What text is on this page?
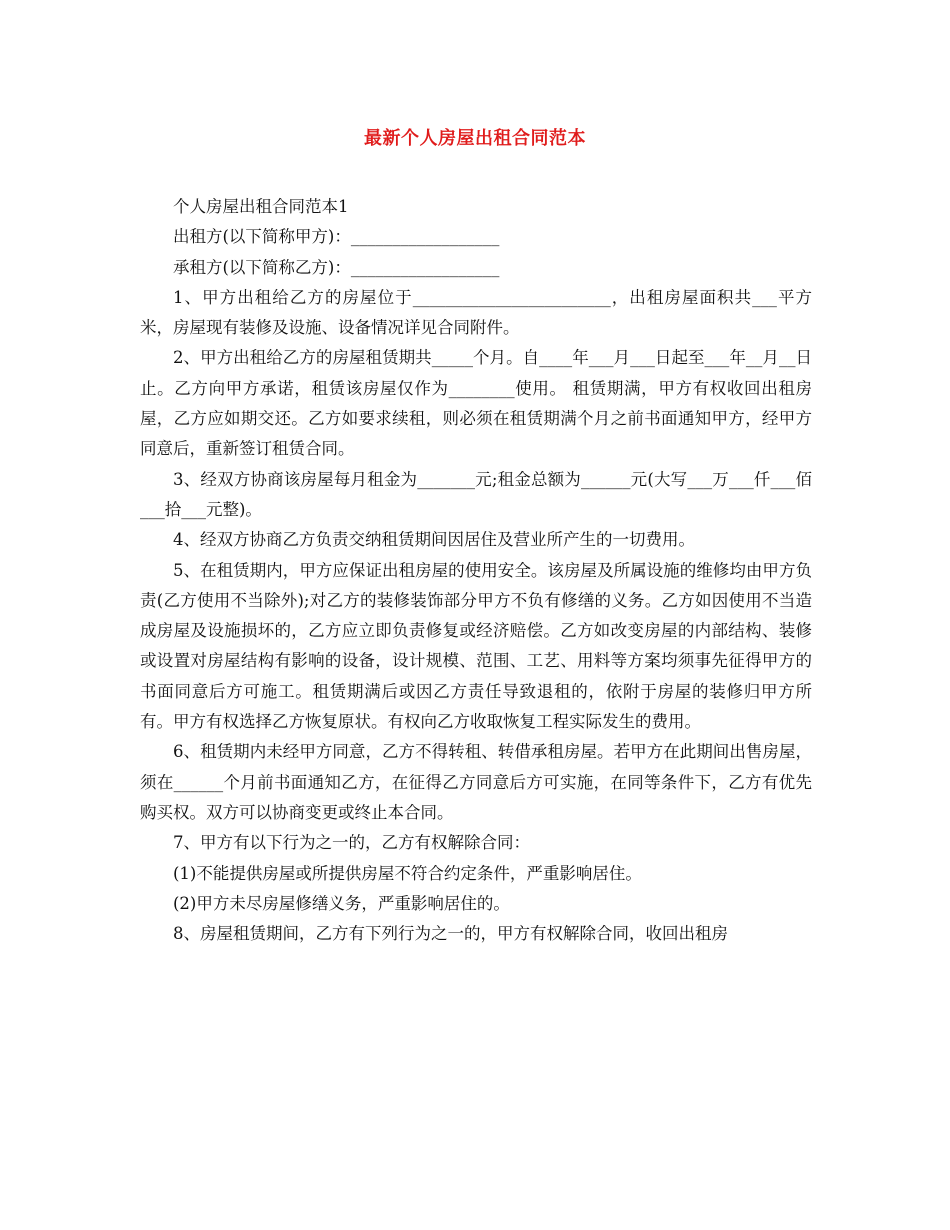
最新个人房屋出租合同范本

个人房屋出租合同范本1

出租方(以下简称甲方)：__________________

承租方(以下简称乙方)：__________________

1、甲方出租给乙方的房屋位于________________________，出租房屋面积共___平方米，房屋现有装修及设施、设备情况详见合同附件。

2、甲方出租给乙方的房屋租赁期共_____个月。自____年___月___日起至___年__月__日止。乙方向甲方承诺，租赁该房屋仅作为________使用。 租赁期满，甲方有权收回出租房屋，乙方应如期交还。乙方如要求续租，则必须在租赁期满个月之前书面通知甲方，经甲方同意后，重新签订租赁合同。

3、经双方协商该房屋每月租金为_______元;租金总额为______元(大写___万___仟___佰___拾___元整)。

4、经双方协商乙方负责交纳租赁期间因居住及营业所产生的一切费用。

5、在租赁期内，甲方应保证出租房屋的使用安全。该房屋及所属设施的维修均由甲方负责(乙方使用不当除外);对乙方的装修装饰部分甲方不负有修缮的义务。乙方如因使用不当造成房屋及设施损坏的，乙方应立即负责修复或经济赔偿。乙方如改变房屋的内部结构、装修或设置对房屋结构有影响的设备，设计规模、范围、工艺、用料等方案均须事先征得甲方的书面同意后方可施工。租赁期满后或因乙方责任导致退租的，依附于房屋的装修归甲方所有。甲方有权选择乙方恢复原状。有权向乙方收取恢复工程实际发生的费用。

6、租赁期内未经甲方同意，乙方不得转租、转借承租房屋。若甲方在此期间出售房屋，须在______个月前书面通知乙方，在征得乙方同意后方可实施，在同等条件下，乙方有优先购买权。双方可以协商变更或终止本合同。

7、甲方有以下行为之一的，乙方有权解除合同：

(1)不能提供房屋或所提供房屋不符合约定条件，严重影响居住。

(2)甲方未尽房屋修缮义务，严重影响居住的。

8、房屋租赁期间，乙方有下列行为之一的，甲方有权解除合同，收回出租房
